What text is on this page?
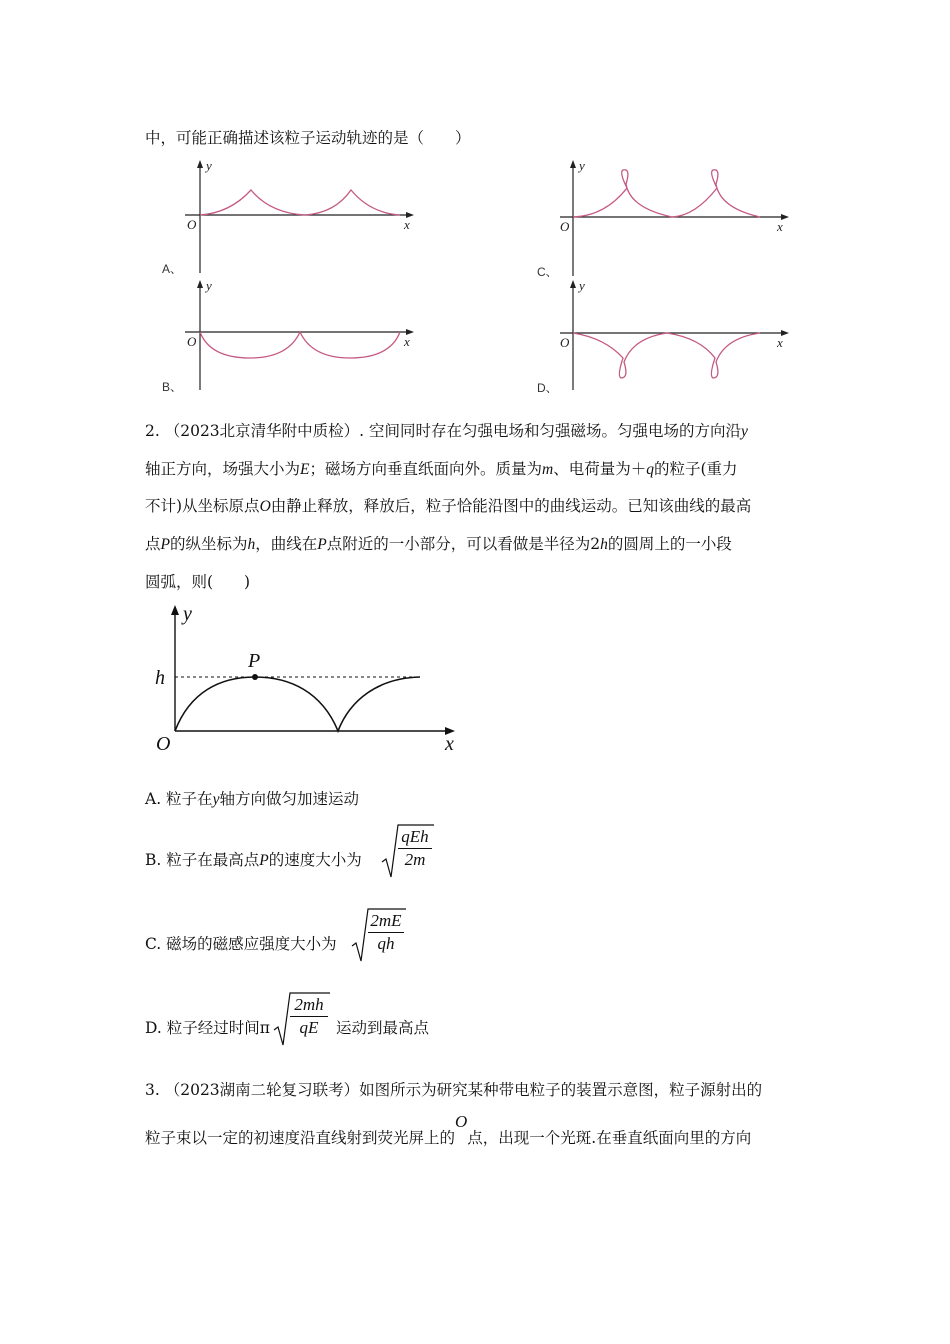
中，可能正确描述该粒子运动轨迹的是（　　）
y
x
O
A、
y
x
O
B、
y
x
O
C、
y
x
O
D、
2. （2023北京清华附中质检）. 空间同时存在匀强电场和匀强磁场。匀强电场的方向沿y
轴正方向，场强大小为E；磁场方向垂直纸面向外。质量为m、电荷量为＋q的粒子(重力
不计)从坐标原点O由静止释放，释放后，粒子恰能沿图中的曲线运动。已知该曲线的最高
点P的纵坐标为h，曲线在P点附近的一小部分，可以看做是半径为2h的圆周上的一小段
圆弧，则(　　)
y
x
O
h
P
A. 粒子在y轴方向做匀加速运动
B. 粒子在最高点P的速度大小为
qEh
2m
C. 磁场的磁感应强度大小为
2mE
qh
D. 粒子经过时间π
2mh
qE	运动到最高点
3. （2023湖南二轮复习联考）如图所示为研究某种带电粒子的装置示意图，粒子源射出的
粒子束以一定的初速度沿直线射到荧光屏上的O点，出现一个光斑.在垂直纸面向里的方向
